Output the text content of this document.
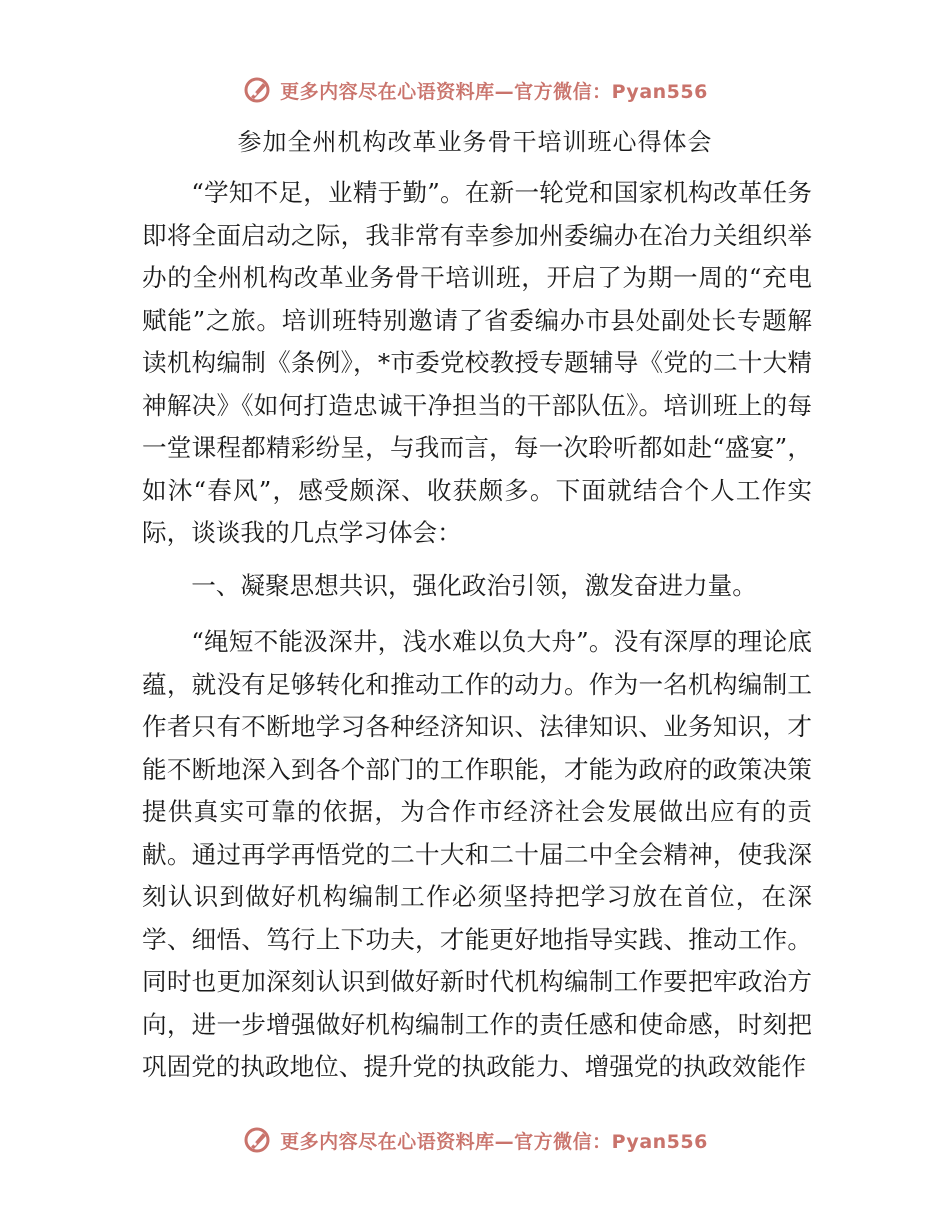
更多内容尽在心语资料库—官方微信：Pyan556
参加全州机构改革业务骨干培训班心得体会

“学知不足，业精于勤”。在新一轮党和国家机构改革任务即将全面启动之际，我非常有幸参加州委编办在冶力关组织举办的全州机构改革业务骨干培训班，开启了为期一周的“充电赋能”之旅。培训班特别邀请了省委编办市县处副处长专题解读机构编制《条例》，*市委党校教授专题辅导《党的二十大精神解决》《如何打造忠诚干净担当的干部队伍》。培训班上的每一堂课程都精彩纷呈，与我而言，每一次聆听都如赴“盛宴”，如沐“春风”，感受颇深、收获颇多。下面就结合个人工作实际，谈谈我的几点学习体会：

一、凝聚思想共识，强化政治引领，激发奋进力量。

“绳短不能汲深井，浅水难以负大舟”。没有深厚的理论底蕴，就没有足够转化和推动工作的动力。作为一名机构编制工作者只有不断地学习各种经济知识、法律知识、业务知识，才能不断地深入到各个部门的工作职能，才能为政府的政策决策提供真实可靠的依据，为合作市经济社会发展做出应有的贡献。通过再学再悟党的二十大和二十届二中全会精神，使我深刻认识到做好机构编制工作必须坚持把学习放在首位，在深学、细悟、笃行上下功夫，才能更好地指导实践、推动工作。同时也更加深刻认识到做好新时代机构编制工作要把牢政治方向，进一步增强做好机构编制工作的责任感和使命感，时刻把巩固党的执政地位、提升党的执政能力、增强党的执政效能作

更多内容尽在心语资料库—官方微信：Pyan556
